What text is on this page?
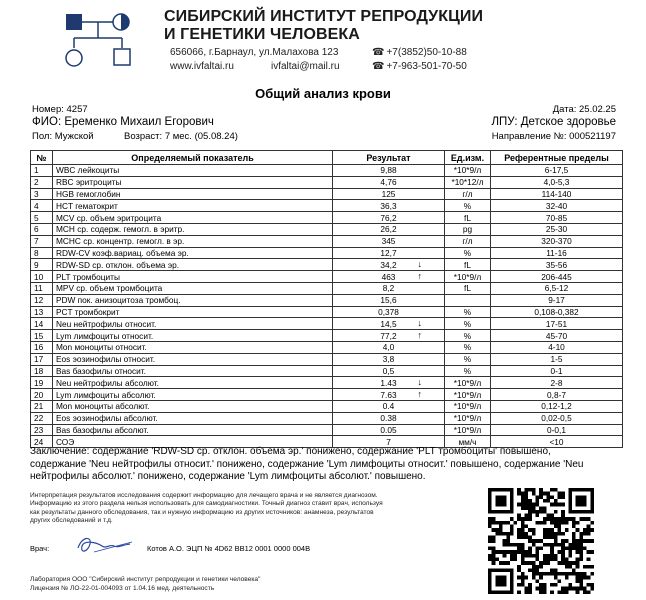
СИБИРСКИЙ ИНСТИТУТ РЕПРОДУКЦИИ
И ГЕНЕТИКИ ЧЕЛОВЕКА
656066, г.Барнаул, ул.Малахова 123
www.ivfaltai.ru	ivfaltai@mail.ru
☎ +7(3852)50-10-88
☎ +7-963-501-70-50
Общий анализ крови
Номер: 4257	Дата: 25.02.25
ФИО: Еременко Михаил Егорович	ЛПУ: Детское здоровье
Пол: Мужской	Возраст: 7 мес. (05.08.24)	Направление №: 000521197
№	Определяемый показатель	Результат	Ед.изм.	Референтные пределы
1	WBC лейкоциты	9,88	*10*9/л	6-17,5
2	RBC эритроциты	4,76	*10*12/л	4,0-5,3
3	HGB гемоглобин	125	г/л	114-140
4	HCT гематокрит	36,3	%	32-40
5	MCV ср. объем эритроцита	76,2	fL	70-85
6	MCH ср. содерж. гемогл. в эритр.	26,2	pg	25-30
7	MCHC ср. концентр. гемогл. в эр.	345	г/л	320-370
8	RDW-CV коэф.вариац. объема эр.	12,7	%	11-16
9	RDW-SD ср. отклон. объема эр.	34,2 ↓	fL	35-56
10	PLT тромбоциты	463 ↑	*10*9/л	206-445
11	MPV ср. объем тромбоцита	8,2	fL	6,5-12
12	PDW пок. анизоцитоза тромбоц.	15,6		9-17
13	PCT тромбокрит	0,378	%	0,108-0,382
14	Neu нейтрофилы относит.	14,5 ↓	%	17-51
15	Lym лимфоциты относит.	77,2 ↑	%	45-70
16	Mon моноциты относит.	4,0	%	4-10
17	Eos эозинофилы относит.	3,8	%	1-5
18	Bas базофилы относит.	0,5	%	0-1
19	Neu нейтрофилы абсолют.	1.43 ↓	*10*9/л	2-8
20	Lym лимфоциты абсолют.	7.63 ↑	*10*9/л	0,8-7
21	Mon моноциты абсолют.	0.4	*10*9/л	0,12-1,2
22	Eos эозинофилы абсолют.	0.38	*10*9/л	0,02-0,5
23	Bas базофилы абсолют.	0.05	*10*9/л	0-0,1
24	СОЭ	7	мм/ч	<10
Заключение: содержание 'RDW-SD ср. отклон. объема эр.' понижено, содержание 'PLT тромбоциты' повышено,
содержание 'Neu нейтрофилы относит.' понижено, содержание 'Lym лимфоциты относит.' повышено, содержание 'Neu
нейтрофилы абсолют.' понижено, содержание 'Lym лимфоциты абсолют.' повышено.
Интерпретация результатов исследования содержит информацию для лечащего врача и не является диагнозом.
Информацию из этого раздела нельзя использовать для самодиагностики. Точный диагноз ставит врач, используя
как результаты данного обследования, так и нужную информацию из других источников: анамнеза, результатов
других обследований и т.д.
Врач:	Котов А.О. ЭЦП № 4D62 BB12 0001 0000 004B
Лаборатория ООО "Сибирский институт репродукции и генетики человека"
Лицензия № ЛО-22-01-004093 от 1.04.16 мед. деятельность
